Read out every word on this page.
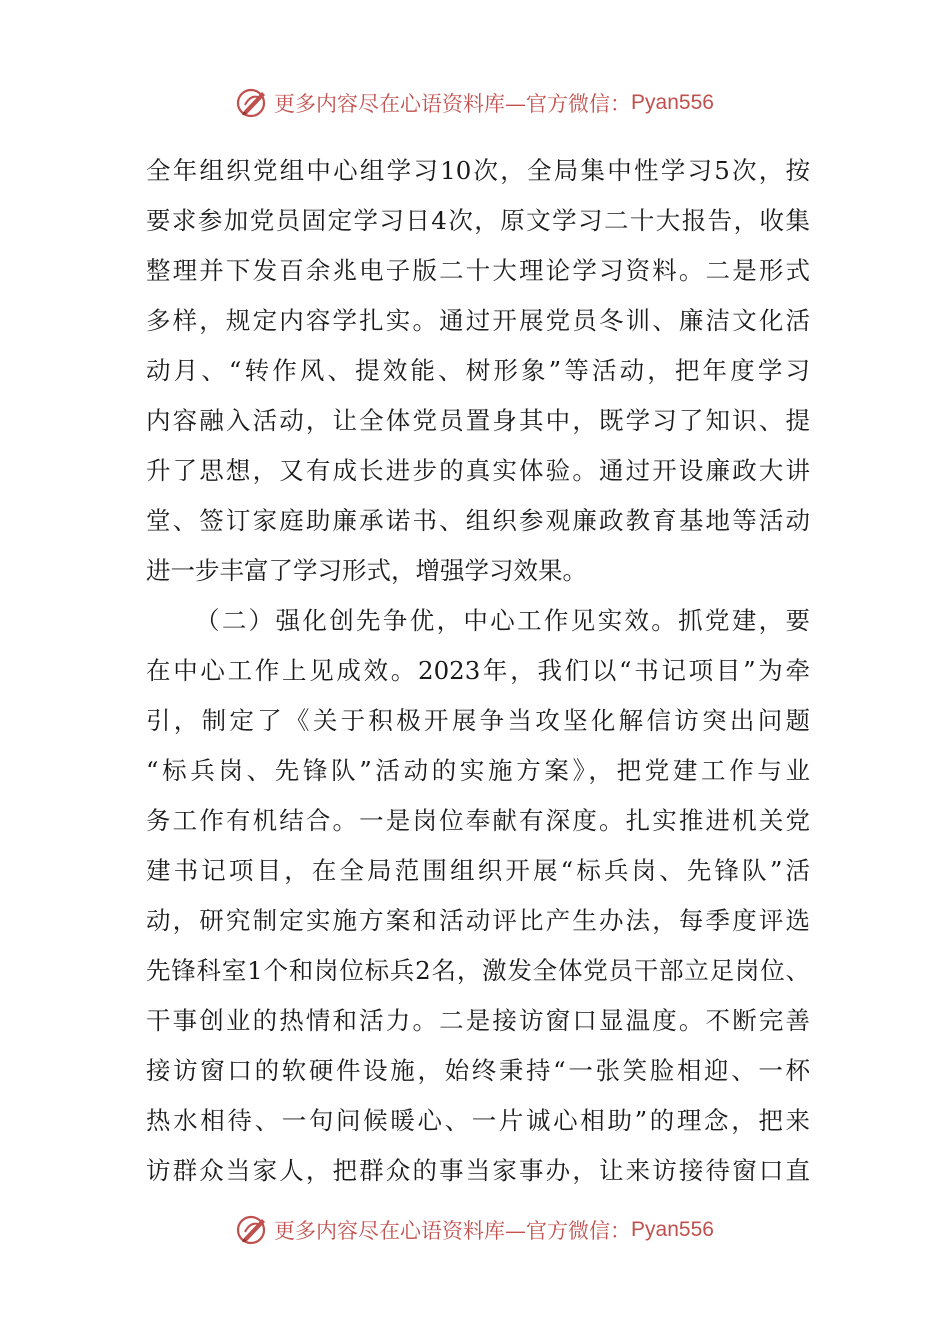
更多内容尽在心语资料库—官方微信： Pyan556
全年组织党组中心组学习10次，全局集中性学习5次，按
要求参加党员固定学习日4次，原文学习二十大报告，收集
整理并下发百余兆电子版二十大理论学习资料。二是形式
多样，规定内容学扎实。通过开展党员冬训、廉洁文化活
动月、“转作风、提效能、树形象”等活动，把年度学习
内容融入活动，让全体党员置身其中，既学习了知识、提
升了思想，又有成长进步的真实体验。通过开设廉政大讲
堂、签订家庭助廉承诺书、组织参观廉政教育基地等活动
进一步丰富了学习形式，增强学习效果。
（二）强化创先争优，中心工作见实效。抓党建，要
在中心工作上见成效。2023年，我们以“书记项目”为牵
引，制定了《关于积极开展争当攻坚化解信访突出问题
“标兵岗、先锋队”活动的实施方案》，把党建工作与业
务工作有机结合。一是岗位奉献有深度。扎实推进机关党
建书记项目，在全局范围组织开展“标兵岗、先锋队”活
动，研究制定实施方案和活动评比产生办法，每季度评选
先锋科室1个和岗位标兵2名，激发全体党员干部立足岗位、
干事创业的热情和活力。二是接访窗口显温度。不断完善
接访窗口的软硬件设施，始终秉持“一张笑脸相迎、一杯
热水相待、一句问候暖心、一片诚心相助”的理念，把来
访群众当家人，把群众的事当家事办，让来访接待窗口直
更多内容尽在心语资料库—官方微信： Pyan556
